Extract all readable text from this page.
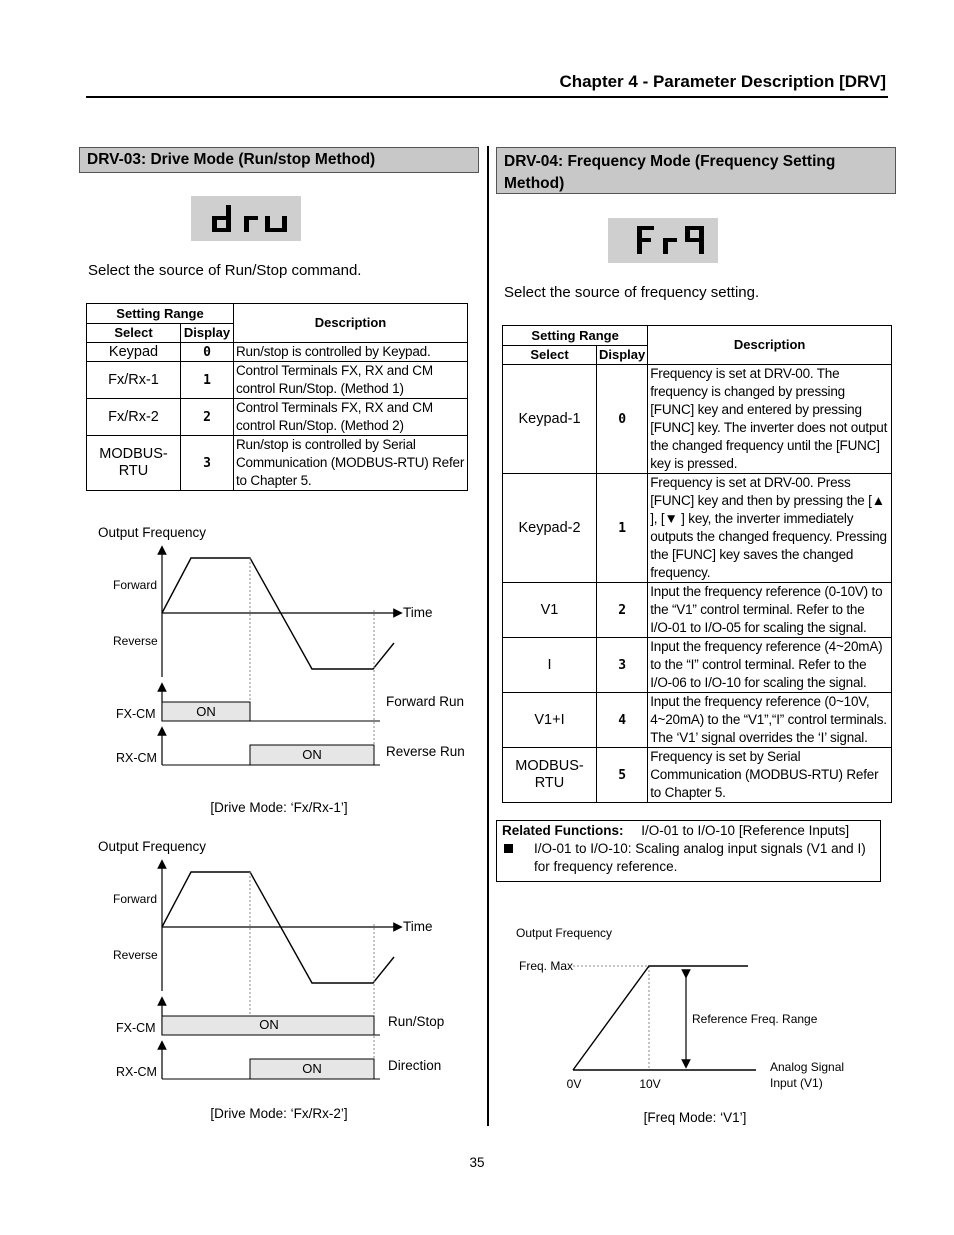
Chapter 4 - Parameter Description [DRV]
DRV-03: Drive Mode (Run/stop Method)
Select the source of Run/Stop command.
Setting Range		Description
Select	Display	
Keypad	0	Run/stop is controlled by Keypad.
Fx/Rx-1	1	Control Terminals FX, RX and CM control Run/Stop. (Method 1)
Fx/Rx-2	2	Control Terminals FX, RX and CM control Run/Stop. (Method 2)
MODBUS-RTU	3	Run/stop is controlled by Serial Communication (MODBUS-RTU) Refer to Chapter 5.
Output Frequency
Forward
Reverse
Time
FX-CM	ON
Forward Run
RX-CM	ON	Reverse Run
[Drive Mode: ‘Fx/Rx-1’]
Output Frequency
Forward
Reverse
Time
FX-CM	ON	Run/Stop
RX-CM	ON	Direction
[Drive Mode: ‘Fx/Rx-2’]
DRV-04: Frequency Mode (Frequency Setting Method)
Select the source of frequency setting.
Setting Range		Description
Select	Display	
Keypad-1	0	Frequency is set at DRV-00. The frequency is changed by pressing [FUNC] key and entered by pressing [FUNC] key. The inverter does not output the changed frequency until the [FUNC] key is pressed.
Keypad-2	1	Frequency is set at DRV-00. Press [FUNC] key and then by pressing the [▲ ], [▼ ] key, the inverter immediately outputs the changed frequency. Pressing the [FUNC] key saves the changed frequency.
V1	2	Input the frequency reference (0-10V) to the “V1” control terminal. Refer to the I/O-01 to I/O-05 for scaling the signal.
I	3	Input the frequency reference (4~20mA) to the “I” control terminal. Refer to the I/O-06 to I/O-10 for scaling the signal.
V1+I	4	Input the frequency reference (0~10V, 4~20mA) to the “V1”,“I” control terminals. The ‘V1’ signal overrides the ‘I’ signal.
MODBUS-RTU	5	Frequency is set by Serial Communication (MODBUS-RTU) Refer to Chapter 5.
Related Functions: I/O-01 to I/O-10 [Reference Inputs]
I/O-01 to I/O-10: Scaling analog input signals (V1 and I) for frequency reference.
Output Frequency
Freq. Max
Reference Freq. Range
Analog Signal
Input (V1)
0V	10V
[Freq Mode: ‘V1’]
35
